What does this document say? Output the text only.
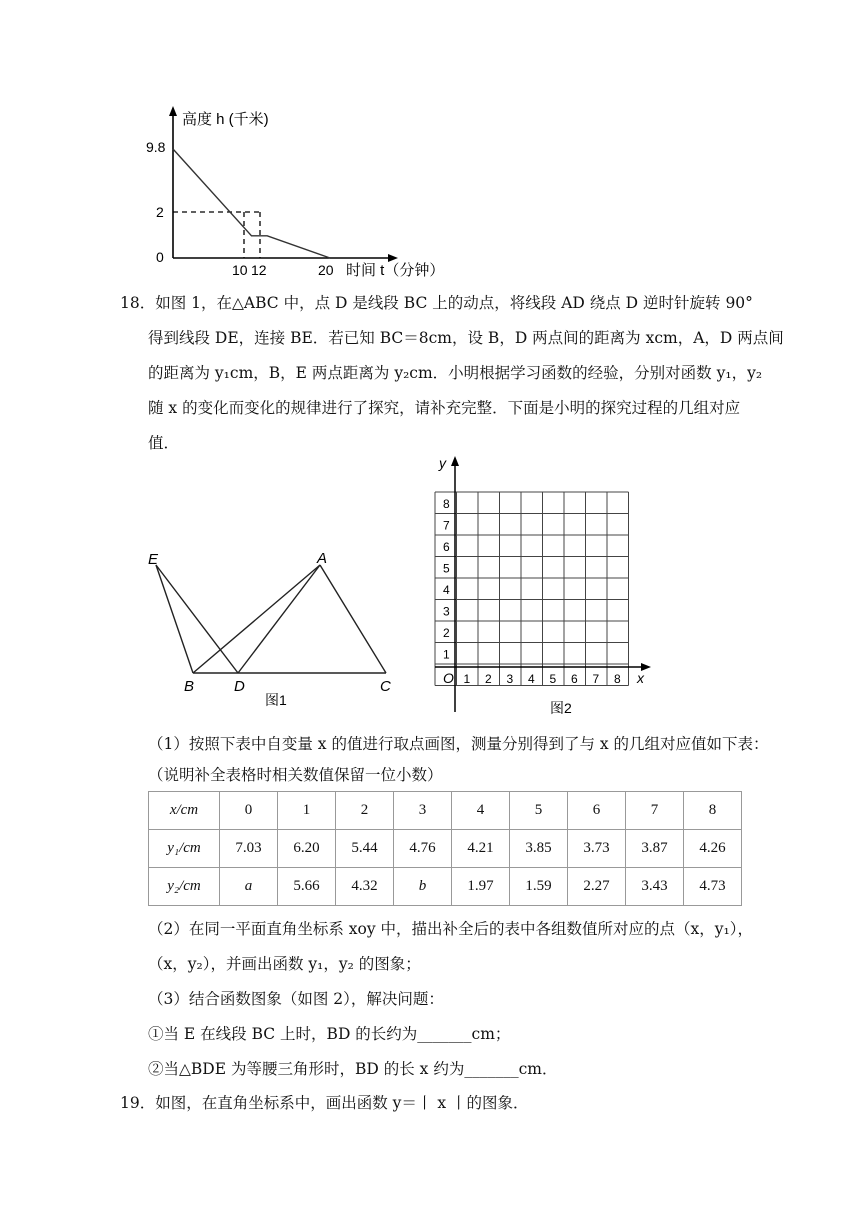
高度 h (千米)
9.8
2
0
10 12	20 时间 t（分钟）
18．如图 1，在△ABC 中，点 D 是线段 BC 上的动点，将线段 AD 绕点 D 逆时针旋转 90°
得到线段 DE，连接 BE．若已知 BC＝8cm，设 B，D 两点间的距离为 xcm，A，D 两点间
的距离为 y₁cm，B，E 两点距离为 y₂cm．小明根据学习函数的经验，分别对函数 y₁，y₂
随 x 的变化而变化的规律进行了探究，请补充完整．下面是小明的探究过程的几组对应
值．
E	A
B	D	C
图1
y
x
O
8
7
6
5
4
3
2
1
1 2 3 4 5 6 7 8
图2
（1）按照下表中自变量 x 的值进行取点画图，测量分别得到了与 x 的几组对应值如下表：
（说明补全表格时相关数值保留一位小数）
x/cm	0	1	2	3	4	5	6	7	8
y₁/cm	7.03	6.20	5.44	4.76	4.21	3.85	3.73	3.87	4.26
y₂/cm	a	5.66	4.32	b	1.97	1.59	2.27	3.43	4.73
（2）在同一平面直角坐标系 xoy 中，描出补全后的表中各组数值所对应的点（x，y₁），
（x，y₂），并画出函数 y₁，y₂ 的图象；
（3）结合函数图象（如图 2），解决问题：
①当 E 在线段 BC 上时，BD 的长约为_______cm；
②当△BDE 为等腰三角形时，BD 的长 x 约为_______cm．
19．如图，在直角坐标系中，画出函数 y＝丨 x 丨的图象．
